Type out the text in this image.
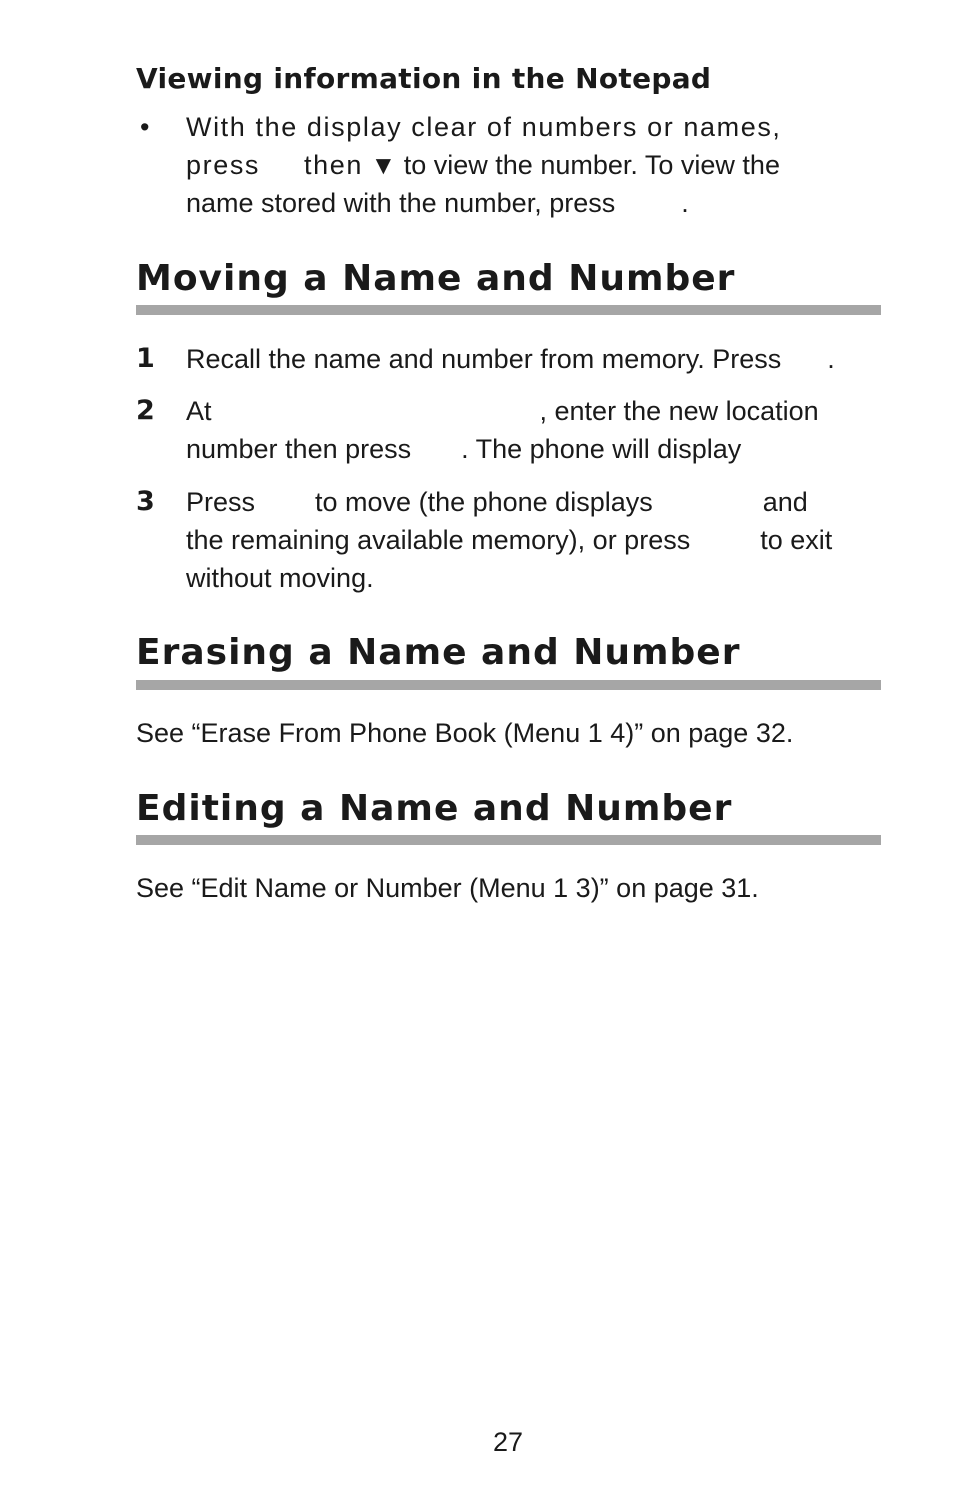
Viewing information in the Notepad
• With the display clear of numbers or names,
press then ▼ to view the number. To view the
name stored with the number, press .
Moving a Name and Number
1 Recall the name and number from memory. Press .
2 At	, enter the new location
number then press . The phone will display
3 Press to move (the phone displays	and
the remaining available memory), or press	to exit
without moving.
Erasing a Name and Number
See “Erase From Phone Book (Menu 1 4)” on page 32.
Editing a Name and Number
See “Edit Name or Number (Menu 1 3)” on page 31.
27
